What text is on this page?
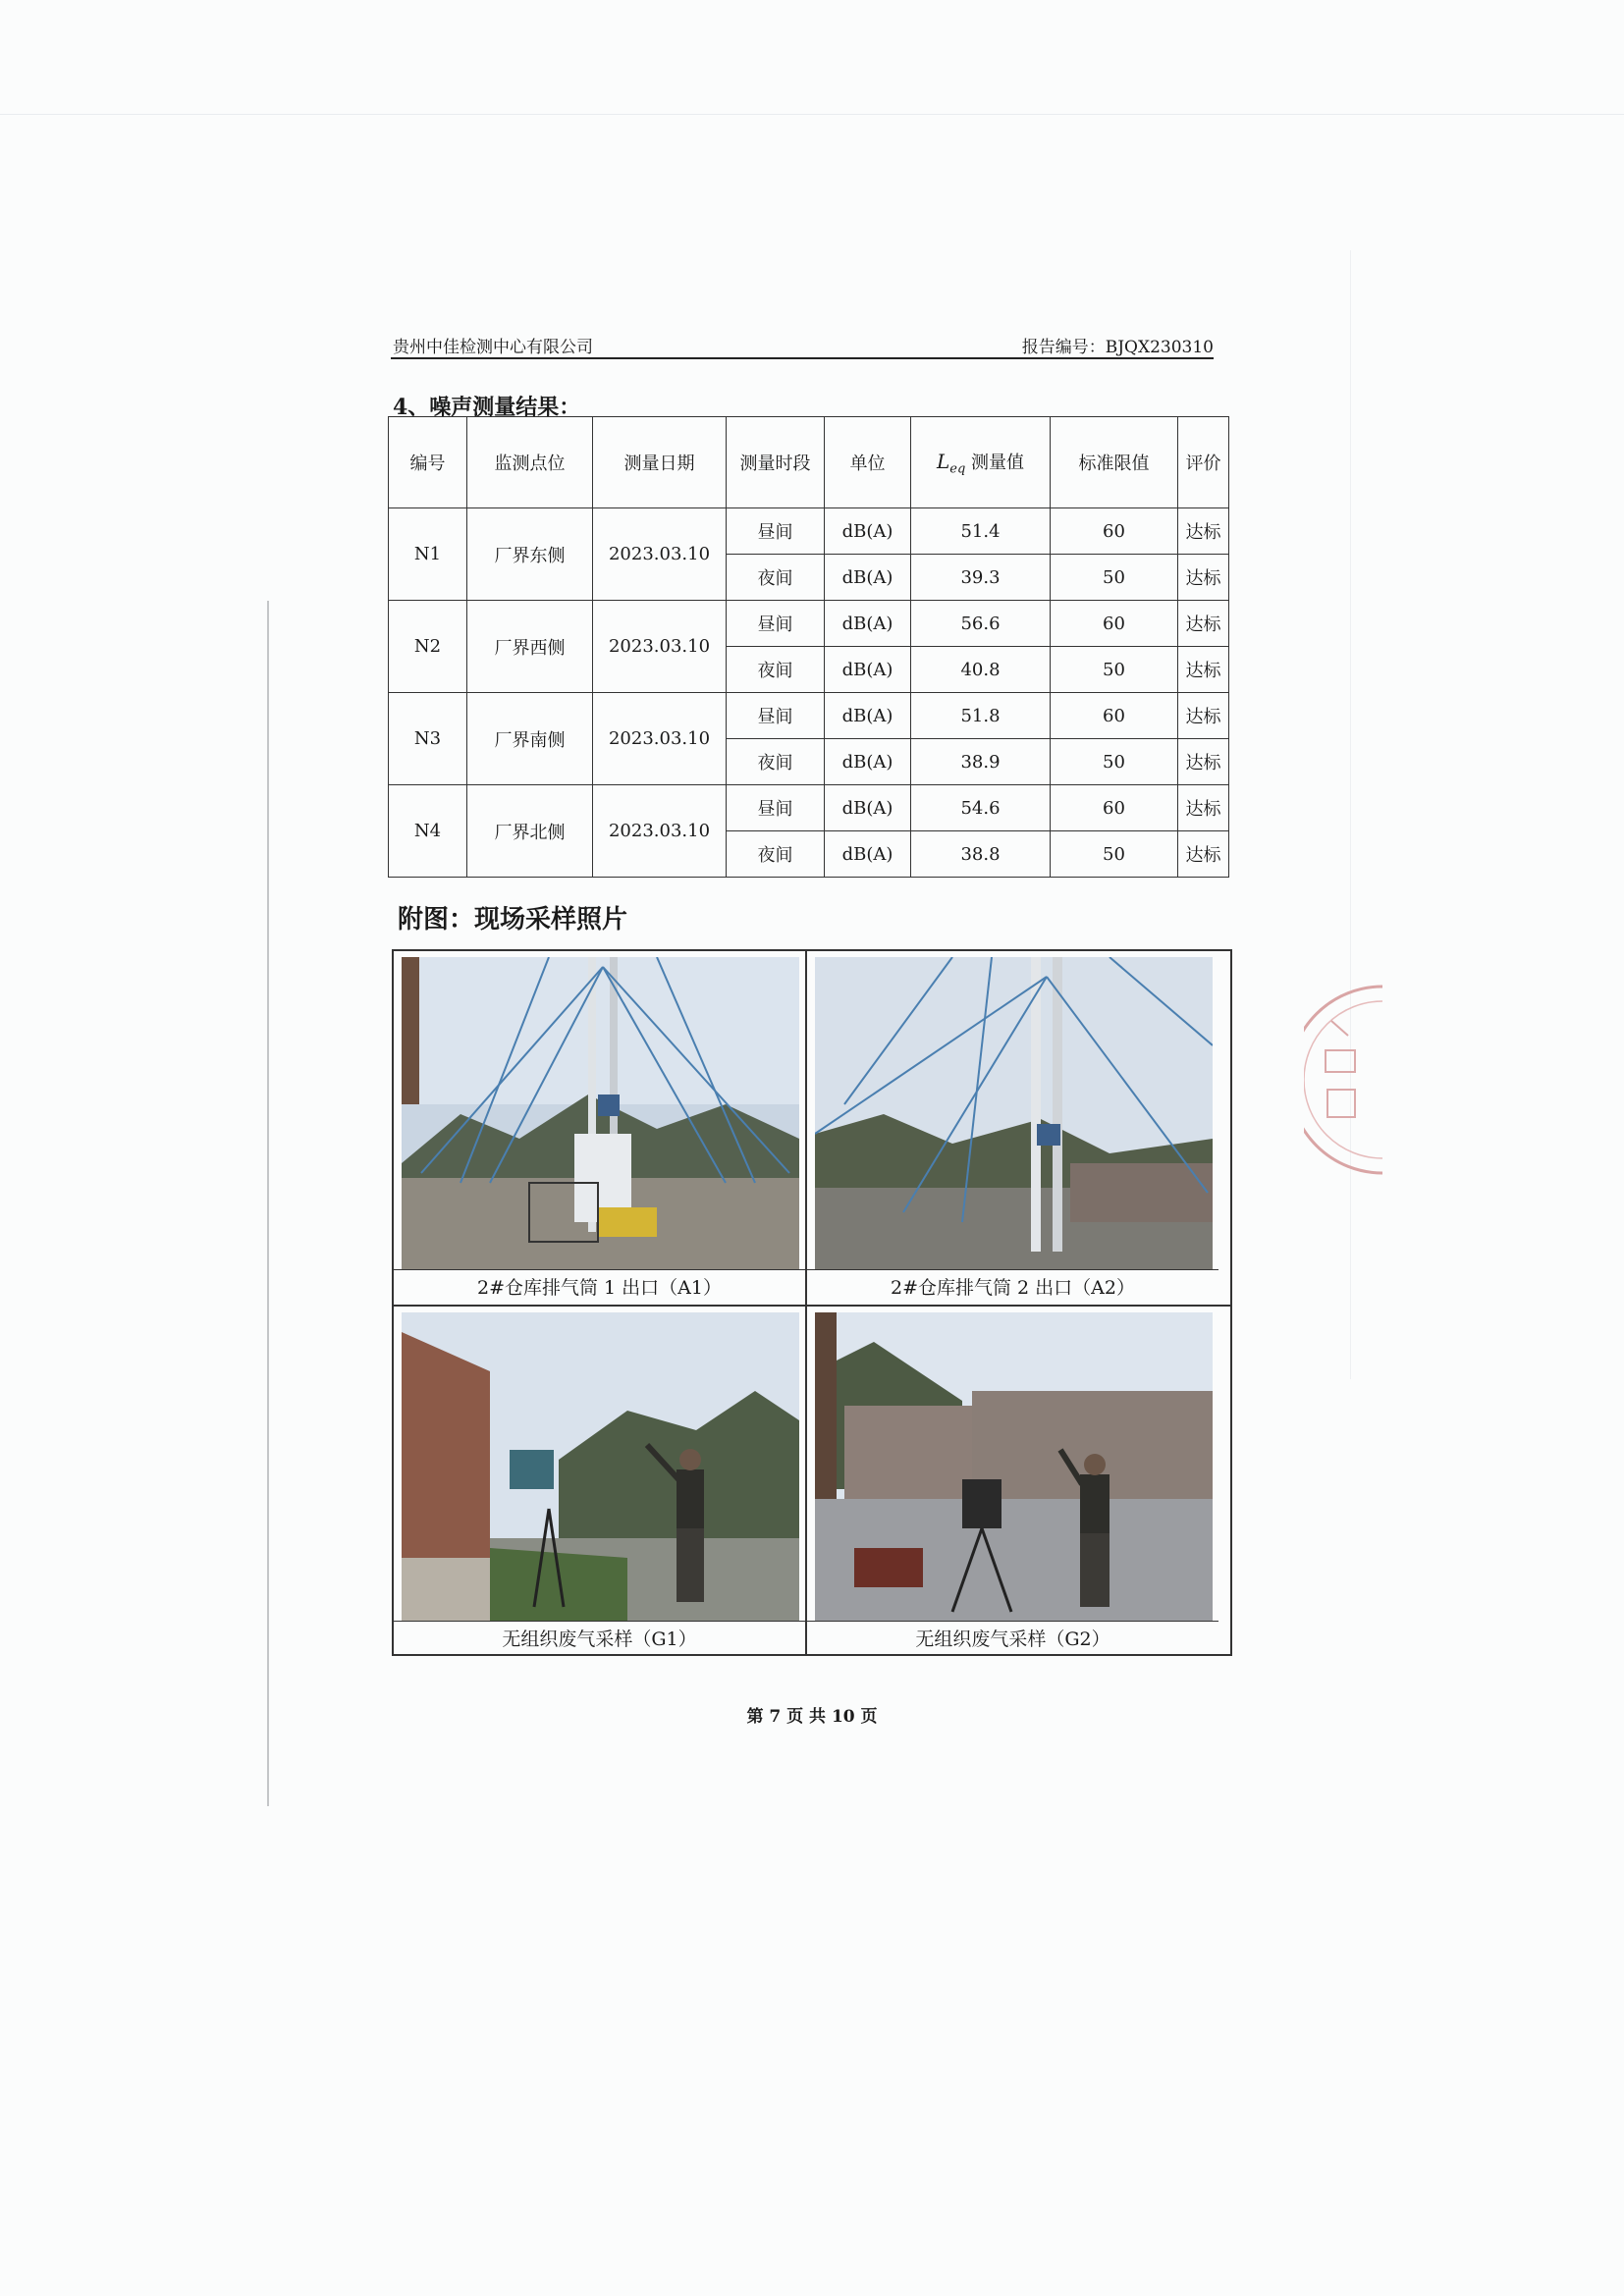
贵州中佳检测中心有限公司	报告编号：BJQX230310
4、噪声测量结果：
编号	监测点位	测量日期	测量时段	单位	$L_{eq}$ 测量值	标准限值	评价
N1	厂界东侧	2023.03.10	昼间	dB(A)	51.4	60	达标
			夜间	dB(A)	39.3	50	达标
N2	厂界西侧	2023.03.10	昼间	dB(A)	56.6	60	达标
			夜间	dB(A)	40.8	50	达标
N3	厂界南侧	2023.03.10	昼间	dB(A)	51.8	60	达标
			夜间	dB(A)	38.9	50	达标
N4	厂界北侧	2023.03.10	昼间	dB(A)	54.6	60	达标
			夜间	dB(A)	38.8	50	达标
附图：现场采样照片
2#仓库排气筒 1 出口（A1）	2#仓库排气筒 2 出口（A2）
无组织废气采样（G1）	无组织废气采样（G2）
第 7 页 共 10 页
